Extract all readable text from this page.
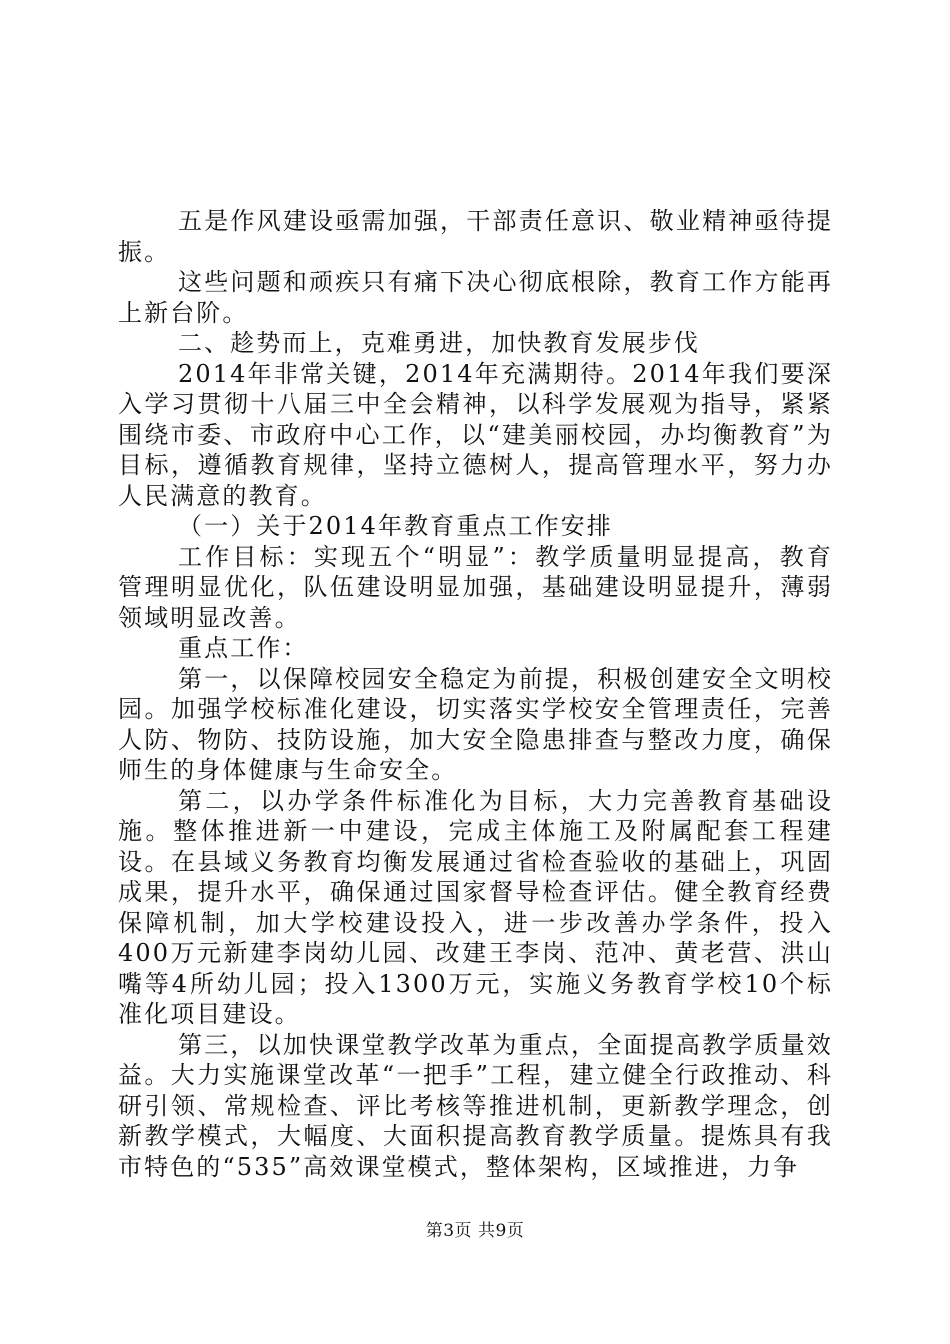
五是作风建设亟需加强，干部责任意识、敬业精神亟待提振。

这些问题和顽疾只有痛下决心彻底根除，教育工作方能再上新台阶。

二、趁势而上，克难勇进，加快教育发展步伐

2014年非常关键，2014年充满期待。2014年我们要深入学习贯彻十八届三中全会精神，以科学发展观为指导，紧紧围绕市委、市政府中心工作，以“建美丽校园，办均衡教育”为目标，遵循教育规律，坚持立德树人，提高管理水平，努力办人民满意的教育。

（一）关于2014年教育重点工作安排

工作目标：实现五个“明显”：教学质量明显提高，教育管理明显优化，队伍建设明显加强，基础建设明显提升，薄弱领域明显改善。

重点工作：

第一，以保障校园安全稳定为前提，积极创建安全文明校园。加强学校标准化建设，切实落实学校安全管理责任，完善人防、物防、技防设施，加大安全隐患排查与整改力度，确保师生的身体健康与生命安全。

第二，以办学条件标准化为目标，大力完善教育基础设施。整体推进新一中建设，完成主体施工及附属配套工程建设。在县域义务教育均衡发展通过省检查验收的基础上，巩固成果，提升水平，确保通过国家督导检查评估。健全教育经费保障机制，加大学校建设投入，进一步改善办学条件，投入400万元新建李岗幼儿园、改建王李岗、范冲、黄老营、洪山嘴等4所幼儿园；投入1300万元，实施义务教育学校10个标准化项目建设。

第三，以加快课堂教学改革为重点，全面提高教学质量效益。大力实施课堂改革“一把手”工程，建立健全行政推动、科研引领、常规检查、评比考核等推进机制，更新教学理念，创新教学模式，大幅度、大面积提高教育教学质量。提炼具有我市特色的“535”高效课堂模式，整体架构，区域推进，力争

第3页 共9页
